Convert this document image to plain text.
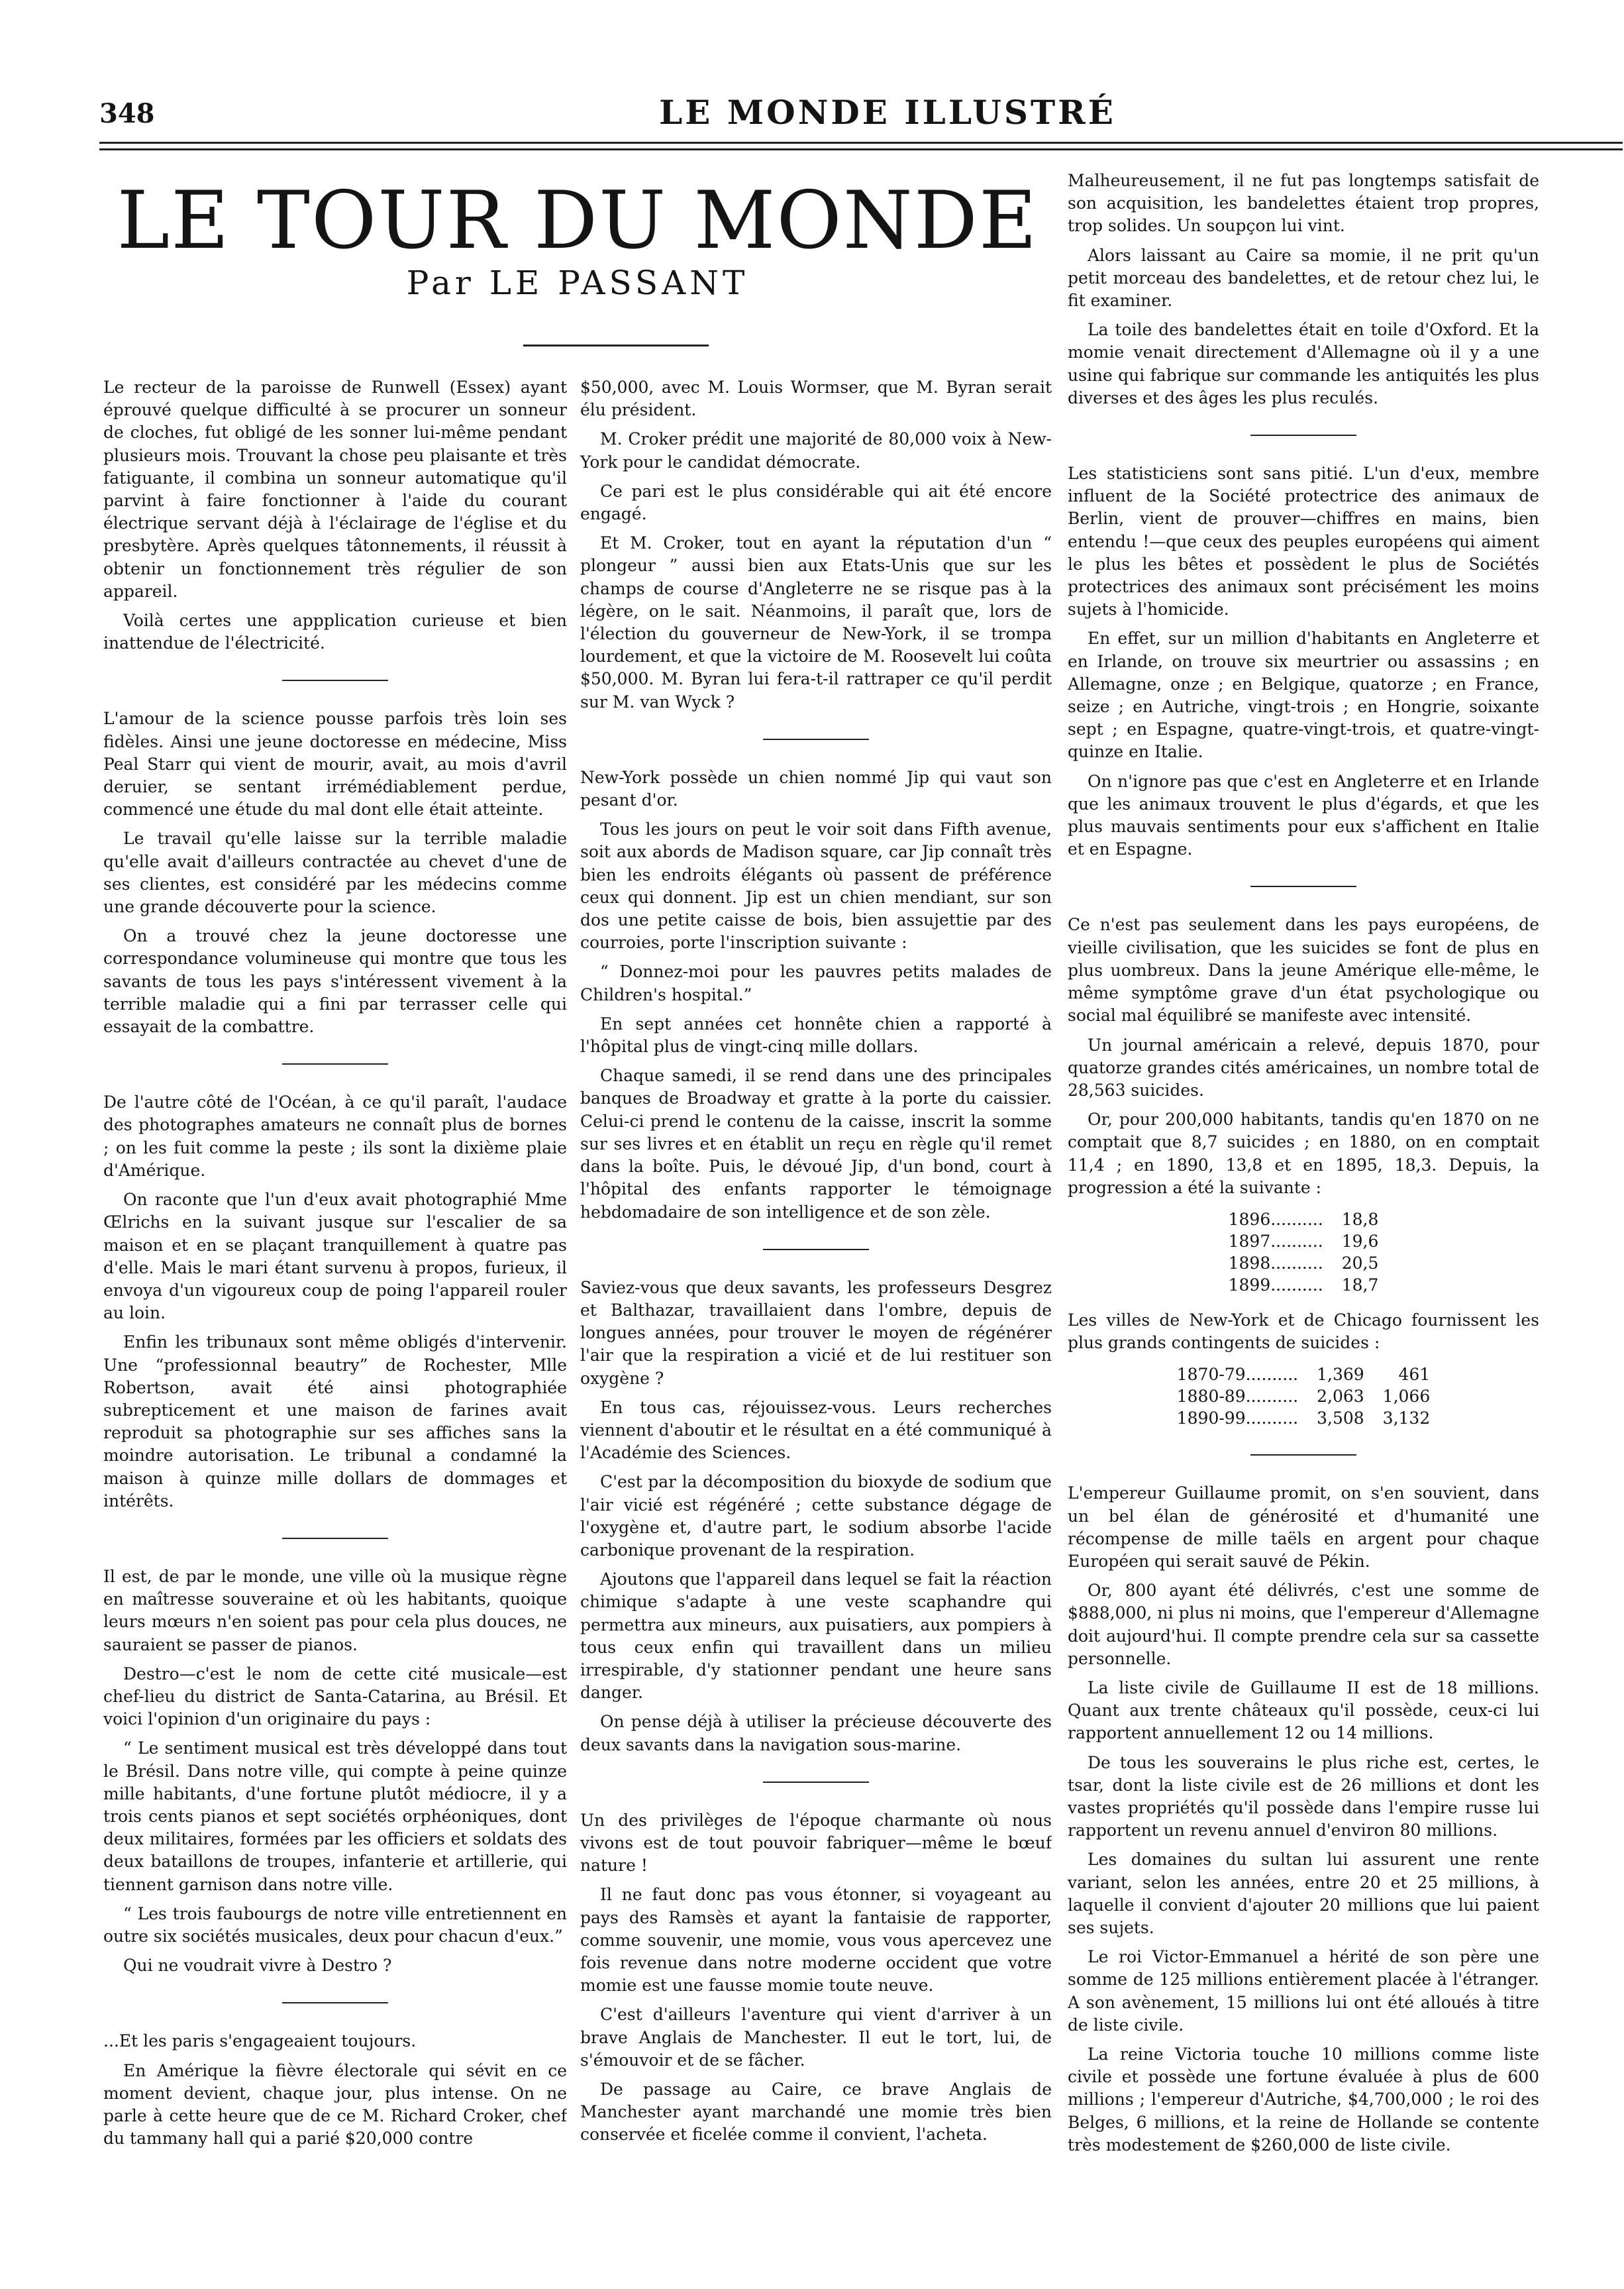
348	LE MONDE ILLUSTRÉ
LE TOUR DU MONDE
Par LE PASSANT

Le recteur de la paroisse de Runwell (Essex) ayant éprouvé quelque difficulté à se procurer un sonneur de cloches, fut obligé de les sonner lui-même pendant plusieurs mois. Trouvant la chose peu plaisante et très fatiguante, il combina un sonneur automatique qu'il parvint à faire fonctionner à l'aide du courant électrique servant déjà à l'éclairage de l'église et du presbytère. Après quelques tâtonnements, il réussit à obtenir un fonctionnement très régulier de son appareil.

Voilà certes une appplication curieuse et bien inattendue de l'électricité.

L'amour de la science pousse parfois très loin ses fidèles. Ainsi une jeune doctoresse en médecine, Miss Peal Starr qui vient de mourir, avait, au mois d'avril deruier, se sentant irrémédiablement perdue, commencé une étude du mal dont elle était atteinte.

Le travail qu'elle laisse sur la terrible maladie qu'elle avait d'ailleurs contractée au chevet d'une de ses clientes, est considéré par les médecins comme une grande découverte pour la science.

On a trouvé chez la jeune doctoresse une correspondance volumineuse qui montre que tous les savants de tous les pays s'intéressent vivement à la terrible maladie qui a fini par terrasser celle qui essayait de la combattre.

De l'autre côté de l'Océan, à ce qu'il paraît, l'audace des photographes amateurs ne connaît plus de bornes ; on les fuit comme la peste ; ils sont la dixième plaie d'Amérique.

On raconte que l'un d'eux avait photographié Mme Œlrichs en la suivant jusque sur l'escalier de sa maison et en se plaçant tranquillement à quatre pas d'elle. Mais le mari étant survenu à propos, furieux, il envoya d'un vigoureux coup de poing l'appareil rouler au loin.

Enfin les tribunaux sont même obligés d'intervenir. Une “professionnal beautry” de Rochester, Mlle Robertson, avait été ainsi photographiée subrepticement et une maison de farines avait reproduit sa photographie sur ses affiches sans la moindre autorisation. Le tribunal a condamné la maison à quinze mille dollars de dommages et intérêts.

Il est, de par le monde, une ville où la musique règne en maîtresse souveraine et où les habitants, quoique leurs mœurs n'en soient pas pour cela plus douces, ne sauraient se passer de pianos.

Destro—c'est le nom de cette cité musicale—est chef-lieu du district de Santa-Catarina, au Brésil. Et voici l'opinion d'un originaire du pays :

“ Le sentiment musical est très développé dans tout le Brésil. Dans notre ville, qui compte à peine quinze mille habitants, d'une fortune plutôt médiocre, il y a trois cents pianos et sept sociétés orphéoniques, dont deux militaires, formées par les officiers et soldats des deux bataillons de troupes, infanterie et artillerie, qui tiennent garnison dans notre ville.

“ Les trois faubourgs de notre ville entretiennent en outre six sociétés musicales, deux pour chacun d'eux.”

Qui ne voudrait vivre à Destro ?

...Et les paris s'engageaient toujours.

En Amérique la fièvre électorale qui sévit en ce moment devient, chaque jour, plus intense. On ne parle à cette heure que de ce M. Richard Croker, chef du tammany hall qui a parié $20,000 contre

$50,000, avec M. Louis Wormser, que M. Byran serait élu président.

M. Croker prédit une majorité de 80,000 voix à New-York pour le candidat démocrate.

Ce pari est le plus considérable qui ait été encore engagé.

Et M. Croker, tout en ayant la réputation d'un “ plongeur ” aussi bien aux Etats-Unis que sur les champs de course d'Angleterre ne se risque pas à la légère, on le sait. Néanmoins, il paraît que, lors de l'élection du gouverneur de New-York, il se trompa lourdement, et que la victoire de M. Roosevelt lui coûta $50,000. M. Byran lui fera-t-il rattraper ce qu'il perdit sur M. van Wyck ?

New-York possède un chien nommé Jip qui vaut son pesant d'or.

Tous les jours on peut le voir soit dans Fifth avenue, soit aux abords de Madison square, car Jip connaît très bien les endroits élégants où passent de préférence ceux qui donnent. Jip est un chien mendiant, sur son dos une petite caisse de bois, bien assujettie par des courroies, porte l'inscription suivante :

“ Donnez-moi pour les pauvres petits malades de Children's hospital.”

En sept années cet honnête chien a rapporté à l'hôpital plus de vingt-cinq mille dollars.

Chaque samedi, il se rend dans une des principales banques de Broadway et gratte à la porte du caissier. Celui-ci prend le contenu de la caisse, inscrit la somme sur ses livres et en établit un reçu en règle qu'il remet dans la boîte. Puis, le dévoué Jip, d'un bond, court à l'hôpital des enfants rapporter le témoignage hebdomadaire de son intelligence et de son zèle.

Saviez-vous que deux savants, les professeurs Desgrez et Balthazar, travaillaient dans l'ombre, depuis de longues années, pour trouver le moyen de régénérer l'air que la respiration a vicié et de lui restituer son oxygène ?

En tous cas, réjouissez-vous. Leurs recherches viennent d'aboutir et le résultat en a été communiqué à l'Académie des Sciences.

C'est par la décomposition du bioxyde de sodium que l'air vicié est régénéré ; cette substance dégage de l'oxygène et, d'autre part, le sodium absorbe l'acide carbonique provenant de la respiration.

Ajoutons que l'appareil dans lequel se fait la réaction chimique s'adapte à une veste scaphandre qui permettra aux mineurs, aux puisatiers, aux pompiers à tous ceux enfin qui travaillent dans un milieu irrespirable, d'y stationner pendant une heure sans danger.

On pense déjà à utiliser la précieuse découverte des deux savants dans la navigation sous-marine.

Un des privilèges de l'époque charmante où nous vivons est de tout pouvoir fabriquer—même le bœuf nature !

Il ne faut donc pas vous étonner, si voyageant au pays des Ramsès et ayant la fantaisie de rapporter, comme souvenir, une momie, vous vous apercevez une fois revenue dans notre moderne occident que votre momie est une fausse momie toute neuve.

C'est d'ailleurs l'aventure qui vient d'arriver à un brave Anglais de Manchester. Il eut le tort, lui, de s'émouvoir et de se fâcher.

De passage au Caire, ce brave Anglais de Manchester ayant marchandé une momie très bien conservée et ficelée comme il convient, l'acheta.

Malheureusement, il ne fut pas longtemps satisfait de son acquisition, les bandelettes étaient trop propres, trop solides. Un soupçon lui vint.

Alors laissant au Caire sa momie, il ne prit qu'un petit morceau des bandelettes, et de retour chez lui, le fit examiner.

La toile des bandelettes était en toile d'Oxford. Et la momie venait directement d'Allemagne où il y a une usine qui fabrique sur commande les antiquités les plus diverses et des âges les plus reculés.

Les statisticiens sont sans pitié. L'un d'eux, membre influent de la Société protectrice des animaux de Berlin, vient de prouver—chiffres en mains, bien entendu !—que ceux des peuples européens qui aiment le plus les bêtes et possèdent le plus de Sociétés protectrices des animaux sont précisément les moins sujets à l'homicide.

En effet, sur un million d'habitants en Angleterre et en Irlande, on trouve six meurtrier ou assassins ; en Allemagne, onze ; en Belgique, quatorze ; en France, seize ; en Autriche, vingt-trois ; en Hongrie, soixante sept ; en Espagne, quatre-vingt-trois, et quatre-vingt-quinze en Italie.

On n'ignore pas que c'est en Angleterre et en Irlande que les animaux trouvent le plus d'égards, et que les plus mauvais sentiments pour eux s'affichent en Italie et en Espagne.

Ce n'est pas seulement dans les pays européens, de vieille civilisation, que les suicides se font de plus en plus uombreux. Dans la jeune Amérique elle-même, le même symptôme grave d'un état psychologique ou social mal équilibré se manifeste avec intensité.

Un journal américain a relevé, depuis 1870, pour quatorze grandes cités américaines, un nombre total de 28,563 suicides.

Or, pour 200,000 habitants, tandis qu'en 1870 on ne comptait que 8,7 suicides ; en 1880, on en comptait 11,4 ; en 1890, 13,8 et en 1895, 18,3. Depuis, la progression a été la suivante :

1896..........	18,8
1897..........	19,6
1898..........	20,5
1899..........	18,7

Les villes de New-York et de Chicago fournissent les plus grands contingents de suicides :

1870-79..........	1,369	461
1880-89..........	2,063	1,066
1890-99..........	3,508	3,132

L'empereur Guillaume promit, on s'en souvient, dans un bel élan de générosité et d'humanité une récompense de mille taëls en argent pour chaque Européen qui serait sauvé de Pékin.

Or, 800 ayant été délivrés, c'est une somme de $888,000, ni plus ni moins, que l'empereur d'Allemagne doit aujourd'hui. Il compte prendre cela sur sa cassette personnelle.

La liste civile de Guillaume II est de 18 millions. Quant aux trente châteaux qu'il possède, ceux-ci lui rapportent annuellement 12 ou 14 millions.

De tous les souverains le plus riche est, certes, le tsar, dont la liste civile est de 26 millions et dont les vastes propriétés qu'il possède dans l'empire russe lui rapportent un revenu annuel d'environ 80 millions.

Les domaines du sultan lui assurent une rente variant, selon les années, entre 20 et 25 millions, à laquelle il convient d'ajouter 20 millions que lui paient ses sujets.

Le roi Victor-Emmanuel a hérité de son père une somme de 125 millions entièrement placée à l'étranger. A son avènement, 15 millions lui ont été alloués à titre de liste civile.

La reine Victoria touche 10 millions comme liste civile et possède une fortune évaluée à plus de 600 millions ; l'empereur d'Autriche, $4,700,000 ; le roi des Belges, 6 millions, et la reine de Hollande se contente très modestement de $260,000 de liste civile.
